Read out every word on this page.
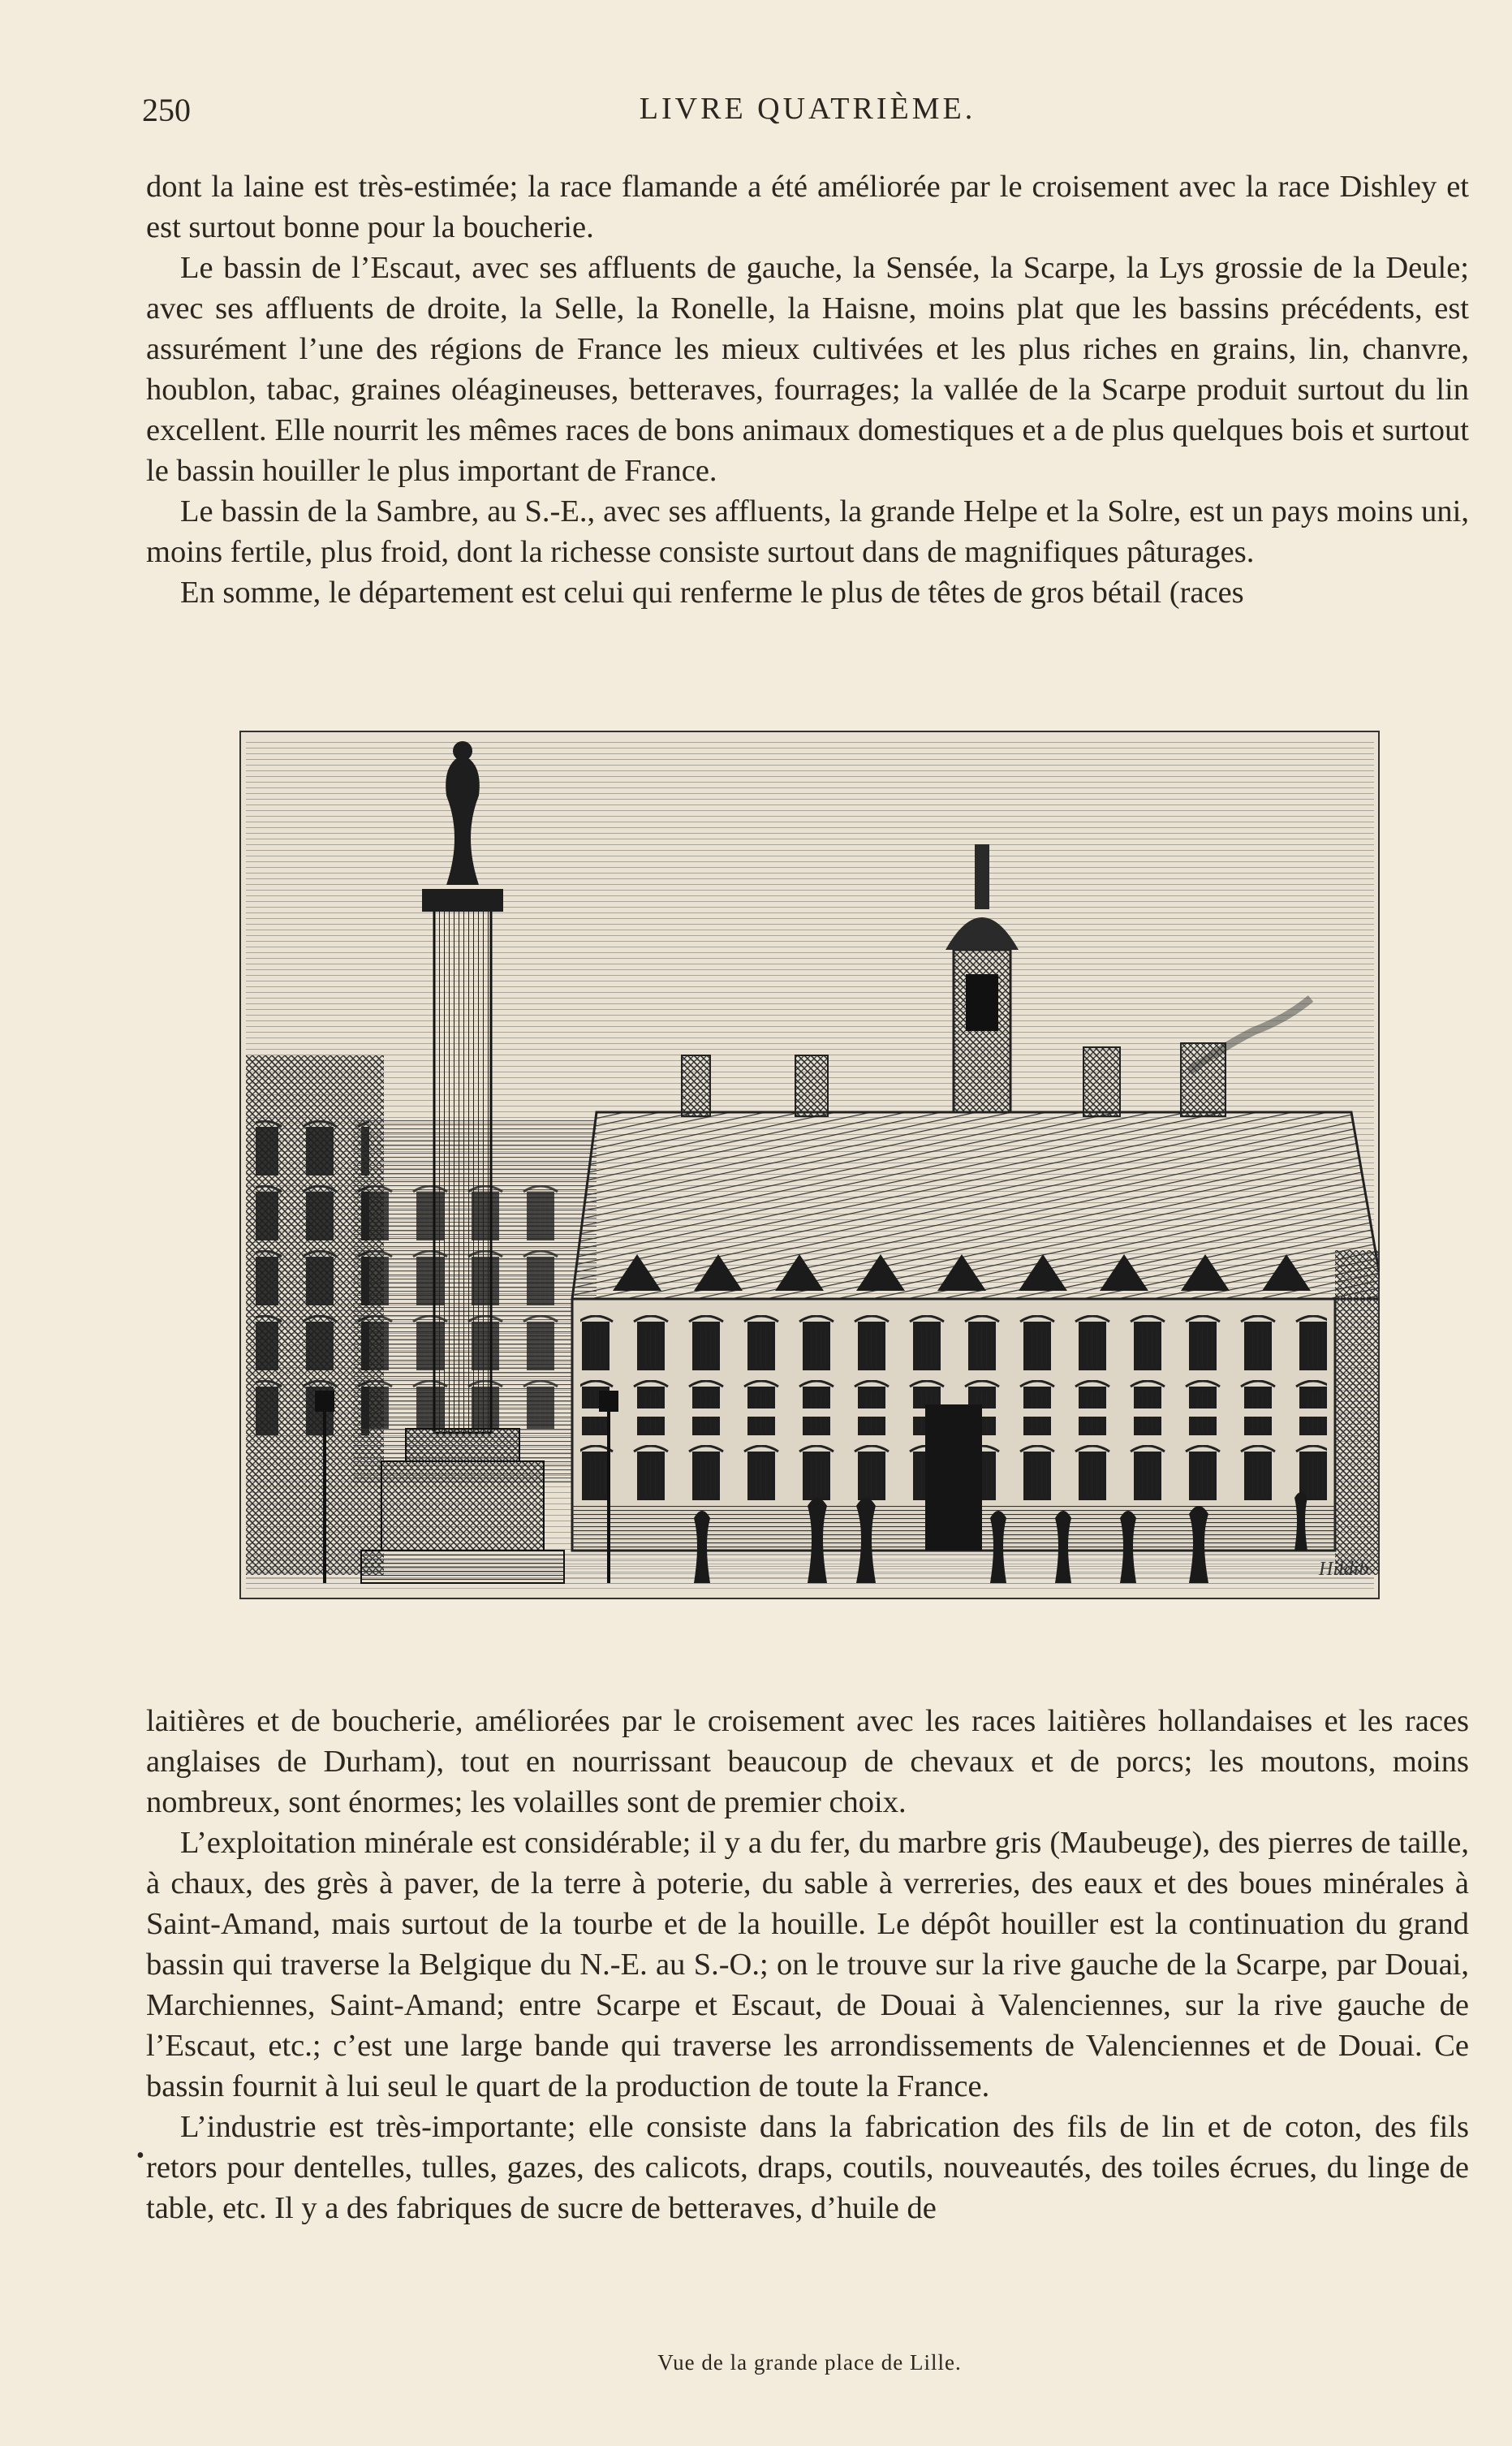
250	LIVRE QUATRIÈME.

dont la laine est très-estimée; la race flamande a été améliorée par le croisement avec la race Dishley et est surtout bonne pour la boucherie.

Le bassin de l’Escaut, avec ses affluents de gauche, la Sensée, la Scarpe, la Lys grossie de la Deule; avec ses affluents de droite, la Selle, la Ronelle, la Haisne, moins plat que les bassins précédents, est assurément l’une des régions de France les mieux cultivées et les plus riches en grains, lin, chanvre, houblon, tabac, graines oléagineuses, betteraves, fourrages; la vallée de la Scarpe produit surtout du lin excellent. Elle nourrit les mêmes races de bons animaux domestiques et a de plus quelques bois et surtout le bassin houiller le plus important de France.

Le bassin de la Sambre, au S.-E., avec ses affluents, la grande Helpe et la Solre, est un pays moins uni, moins fertile, plus froid, dont la richesse consiste surtout dans de magnifiques pâturages.

En somme, le département est celui qui renferme le plus de têtes de gros bétail (races

Hildib
Vue de la grande place de Lille.

laitières et de boucherie, améliorées par le croisement avec les races laitières hollandaises et les races anglaises de Durham), tout en nourrissant beaucoup de chevaux et de porcs; les moutons, moins nombreux, sont énormes; les volailles sont de premier choix.

L’exploitation minérale est considérable; il y a du fer, du marbre gris (Maubeuge), des pierres de taille, à chaux, des grès à paver, de la terre à poterie, du sable à verreries, des eaux et des boues minérales à Saint-Amand, mais surtout de la tourbe et de la houille. Le dépôt houiller est la continuation du grand bassin qui traverse la Belgique du N.-E. au S.-O.; on le trouve sur la rive gauche de la Scarpe, par Douai, Marchiennes, Saint-Amand; entre Scarpe et Escaut, de Douai à Valenciennes, sur la rive gauche de l’Escaut, etc.; c’est une large bande qui traverse les arrondissements de Valenciennes et de Douai. Ce bassin fournit à lui seul le quart de la production de toute la France.

L’industrie est très-importante; elle consiste dans la fabrication des fils de lin et de coton, des fils retors pour dentelles, tulles, gazes, des calicots, draps, coutils, nouveautés, des toiles écrues, du linge de table, etc. Il y a des fabriques de sucre de betteraves, d’huile de

•
